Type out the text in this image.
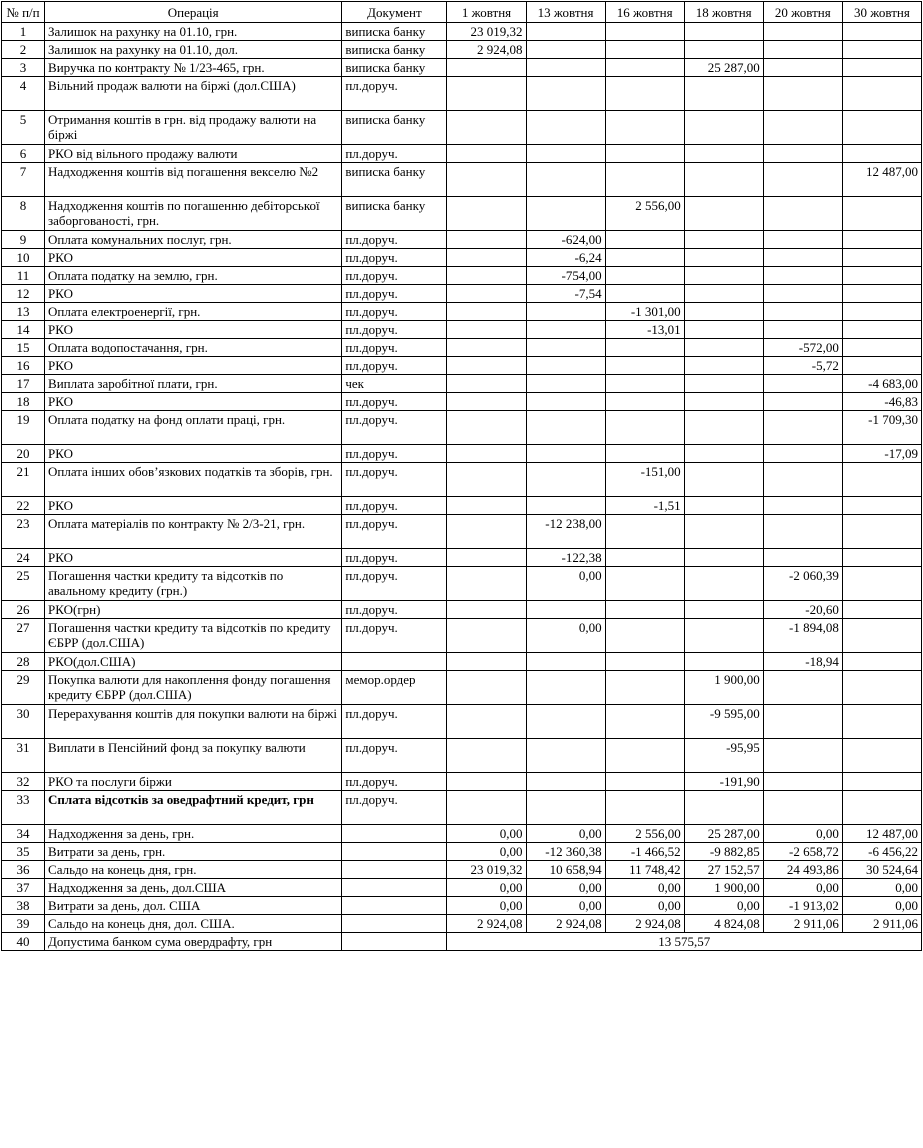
№ п/п	Операція	Документ	1 жовтня	13 жовтня	16 жовтня	18 жовтня	20 жовтня	30 жовтня
1	Залишок на рахунку на 01.10, грн.	виписка банку	23 019,32					
2	Залишок на рахунку на 01.10, дол.	виписка банку	2 924,08					
3	Виручка по контракту № 1/23-465, грн.	виписка банку				25 287,00		
4	Вільний продаж валюти на біржі (дол.США)	пл.доруч.						
5	Отримання коштів в грн. від продажу валюти на біржі	виписка банку						
6	РКО від вільного продажу валюти	пл.доруч.						
7	Надходження коштів від погашення векселю №2	виписка банку						12 487,00
8	Надходження коштів по погашенню дебіторської заборгованості, грн.	виписка банку			2 556,00			
9	Оплата комунальних послуг, грн.	пл.доруч.		-624,00				
10	РКО	пл.доруч.		-6,24				
11	Оплата податку на землю, грн.	пл.доруч.		-754,00				
12	РКО	пл.доруч.		-7,54				
13	Оплата електроенергії, грн.	пл.доруч.			-1 301,00			
14	РКО	пл.доруч.			-13,01			
15	Оплата водопостачання, грн.	пл.доруч.					-572,00	
16	РКО	пл.доруч.					-5,72	
17	Виплата заробітної плати, грн.	чек						-4 683,00
18	РКО	пл.доруч.						-46,83
19	Оплата податку на фонд оплати праці, грн.	пл.доруч.						-1 709,30
20	РКО	пл.доруч.						-17,09
21	Оплата інших обов’язкових податків та зборів, грн.	пл.доруч.			-151,00			
22	РКО	пл.доруч.			-1,51			
23	Оплата матеріалів по контракту № 2/3-21, грн.	пл.доруч.		-12 238,00				
24	РКО	пл.доруч.		-122,38				
25	Погашення частки кредиту та відсотків по авальному кредиту (грн.)	пл.доруч.		0,00			-2 060,39	
26	РКО(грн)	пл.доруч.					-20,60	
27	Погашення частки кредиту та відсотків по кредиту ЄБРР (дол.США)	пл.доруч.		0,00			-1 894,08	
28	РКО(дол.США)						-18,94	
29	Покупка валюти для накоплення фонду погашення кредиту ЄБРР (дол.США)	мемор.ордер				1 900,00		
30	Перерахування коштів для покупки валюти на біржі	пл.доруч.				-9 595,00		
31	Виплати в Пенсійний фонд за покупку валюти	пл.доруч.				-95,95		
32	РКО та послуги біржи	пл.доруч.				-191,90		
33	Сплата відсотків за оведрафтний кредит, грн	пл.доруч.						
34	Надходження за день, грн.		0,00	0,00	2 556,00	25 287,00	0,00	12 487,00
35	Витрати за день, грн.		0,00	-12 360,38	-1 466,52	-9 882,85	-2 658,72	-6 456,22
36	Сальдо на конець дня, грн.		23 019,32	10 658,94	11 748,42	27 152,57	24 493,86	30 524,64
37	Надходження за день, дол.США		0,00	0,00	0,00	1 900,00	0,00	0,00
38	Витрати за день, дол. США		0,00	0,00	0,00	0,00	-1 913,02	0,00
39	Сальдо на конець дня, дол. США.		2 924,08	2 924,08	2 924,08	4 824,08	2 911,06	2 911,06
40	Допустима банком сума овердрафту, грн		13 575,57					
